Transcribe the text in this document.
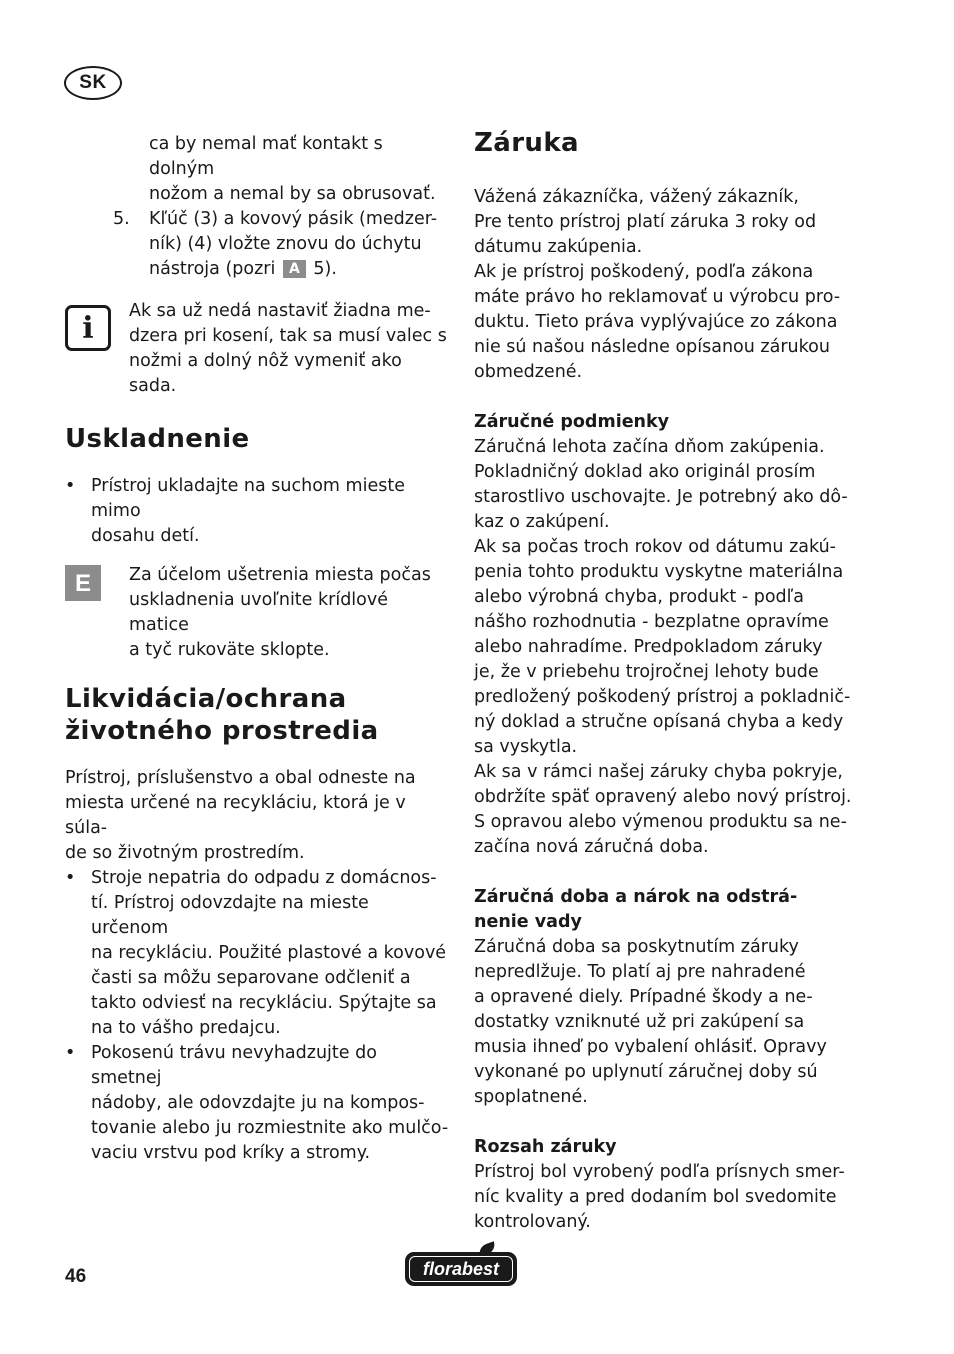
SK

ca by nemal mať kontakt s dolným

nožom a nemal by sa obrusovať.

5.	Kľúč (3) a kovový pásik (medzer-
ník) (4) vložte znovu do úchytu
nástroja (pozri A 5).
i	Ak sa už nedá nastaviť žiadna me-
dzera pri kosení, tak sa musí valec s
nožmi a dolný nôž vymeniť ako sada.
Uskladnenie
• Prístroj ukladajte na suchom mieste mimo
dosahu detí.
E	Za účelom ušetrenia miesta počas
uskladnenia uvoľnite krídlové matice
a tyč rukoväte sklopte.
Likvidácia/ochrana
životného prostredia

Prístroj, príslušenstvo a obal odneste na
miesta určené na recykláciu, ktorá je v súla-
de so životným prostredím.

• Stroje nepatria do odpadu z domácnos-
tí. Prístroj odovzdajte na mieste určenom
na recykláciu. Použité plastové a kovové
časti sa môžu separovane odčleniť a
takto odviesť na recykláciu. Spýtajte sa
na to vášho predajcu.
• Pokosenú trávu nevyhadzujte do smetnej
nádoby, ale odovzdajte ju na kompos-
tovanie alebo ju rozmiestnite ako mulčo-
vaciu vrstvu pod kríky a stromy.
Záruka

Vážená zákazníčka, vážený zákazník,
Pre tento prístroj platí záruka 3 roky od
dátumu zakúpenia.
Ak je prístroj poškodený, podľa zákona
máte právo ho reklamovať u výrobcu pro-
duktu. Tieto práva vyplývajúce zo zákona
nie sú našou následne opísanou zárukou
obmedzené.

Záručné podmienky

Záručná lehota začína dňom zakúpenia.
Pokladničný doklad ako originál prosím
starostlivo uschovajte. Je potrebný ako dô-
kaz o zakúpení.
Ak sa počas troch rokov od dátumu zakú-
penia tohto produktu vyskytne materiálna
alebo výrobná chyba, produkt - podľa
nášho rozhodnutia - bezplatne opravíme
alebo nahradíme. Predpokladom záruky
je, že v priebehu trojročnej lehoty bude
predložený poškodený prístroj a pokladnič-
ný doklad a stručne opísaná chyba a kedy
sa vyskytla.
Ak sa v rámci našej záruky chyba pokryje,
obdržíte späť opravený alebo nový prístroj.
S opravou alebo výmenou produktu sa ne-
začína nová záručná doba.

Záručná doba a nárok na odstrá-
nenie vady

Záručná doba sa poskytnutím záruky
nepredlžuje. To platí aj pre nahradené
a opravené diely. Prípadné škody a ne-
dostatky vzniknuté už pri zakúpení sa
musia ihneď po vybalení ohlásiť. Opravy
vykonané po uplynutí záručnej doby sú
spoplatnené.

Rozsah záruky

Prístroj bol vyrobený podľa prísnych smer-
níc kvality a pred dodaním bol svedomite
kontrolovaný.

46	florabest
